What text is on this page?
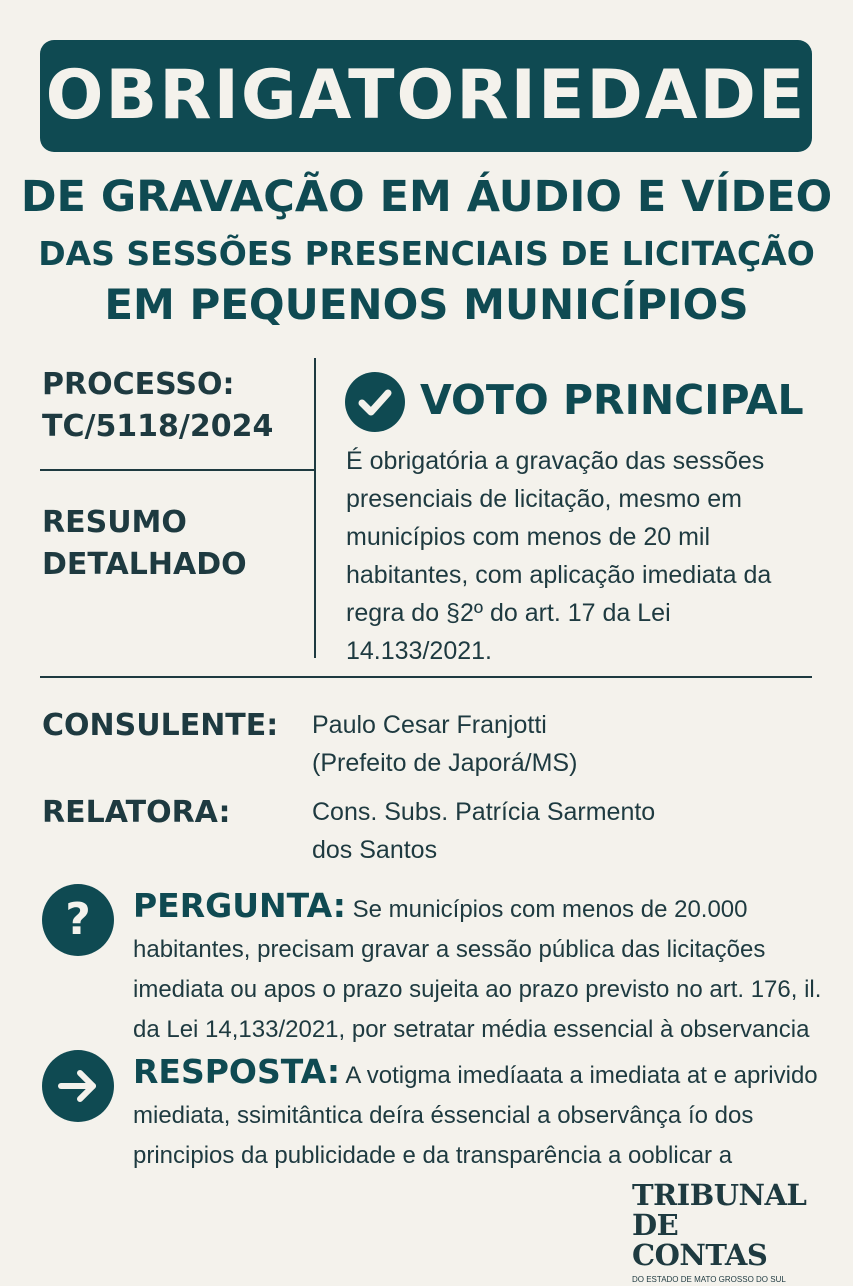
OBRIGATORIEDADE
DE GRAVAÇÃO EM ÁUDIO E VÍDEO
DAS SESSÕES PRESENCIAIS DE LICITAÇÃO
EM PEQUENOS MUNICÍPIOS
PROCESSO:
TC/5118/2024
RESUMO
DETALHADO
VOTO PRINCIPAL
É obrigatória a gravação das sessões presenciais de licitação, mesmo em municípios com menos de 20 mil habitantes, com aplicação imediata da regra do §2º do art. 17 da Lei 14.133/2021.
CONSULENTE: Paulo Cesar Franjotti
(Prefeito de Japorá/MS)
RELATORA:	Cons. Subs. Patrícia Sarmento
dos Santos
? PERGUNTA: Se municípios com menos de 20.000 habitantes, precisam gravar a sessão pública das licitações imediata ou apos o prazo sujeita ao prazo previsto no art. 176, il. da Lei 14,133/2021, por setratar média essencial à observancia
RESPOSTA: A votigma imedíaata a imediata at e aprivido miediata, ssimitântica deíra éssencial a observânça ío dos principios da publicidade e da transparência a ooblicar a
TRIBUNAL
DE CONTAS
DO ESTADO DE MATO GROSSO DO SUL
